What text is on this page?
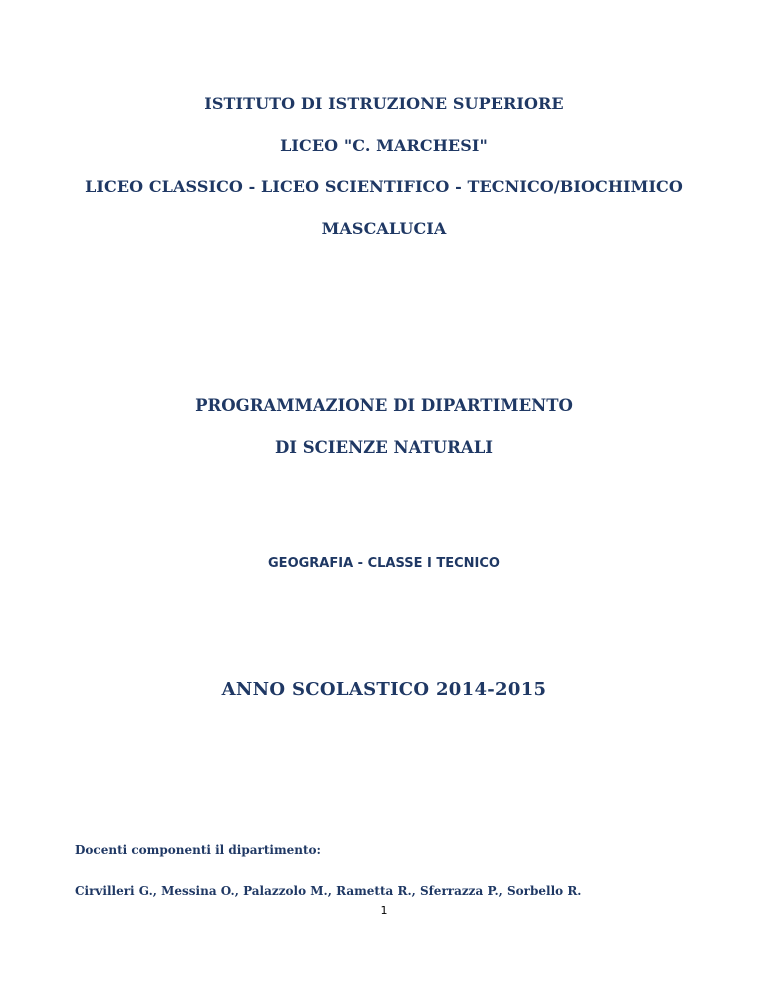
ISTITUTO DI ISTRUZIONE SUPERIORE

LICEO "C. MARCHESI"

LICEO CLASSICO - LICEO SCIENTIFICO - TECNICO/BIOCHIMICO

MASCALUCIA

PROGRAMMAZIONE DI DIPARTIMENTO

DI SCIENZE NATURALI

GEOGRAFIA - CLASSE I TECNICO

ANNO SCOLASTICO 2014-2015

Docenti componenti il dipartimento:

Cirvilleri G., Messina O., Palazzolo M., Rametta R., Sferrazza P., Sorbello R.

1
